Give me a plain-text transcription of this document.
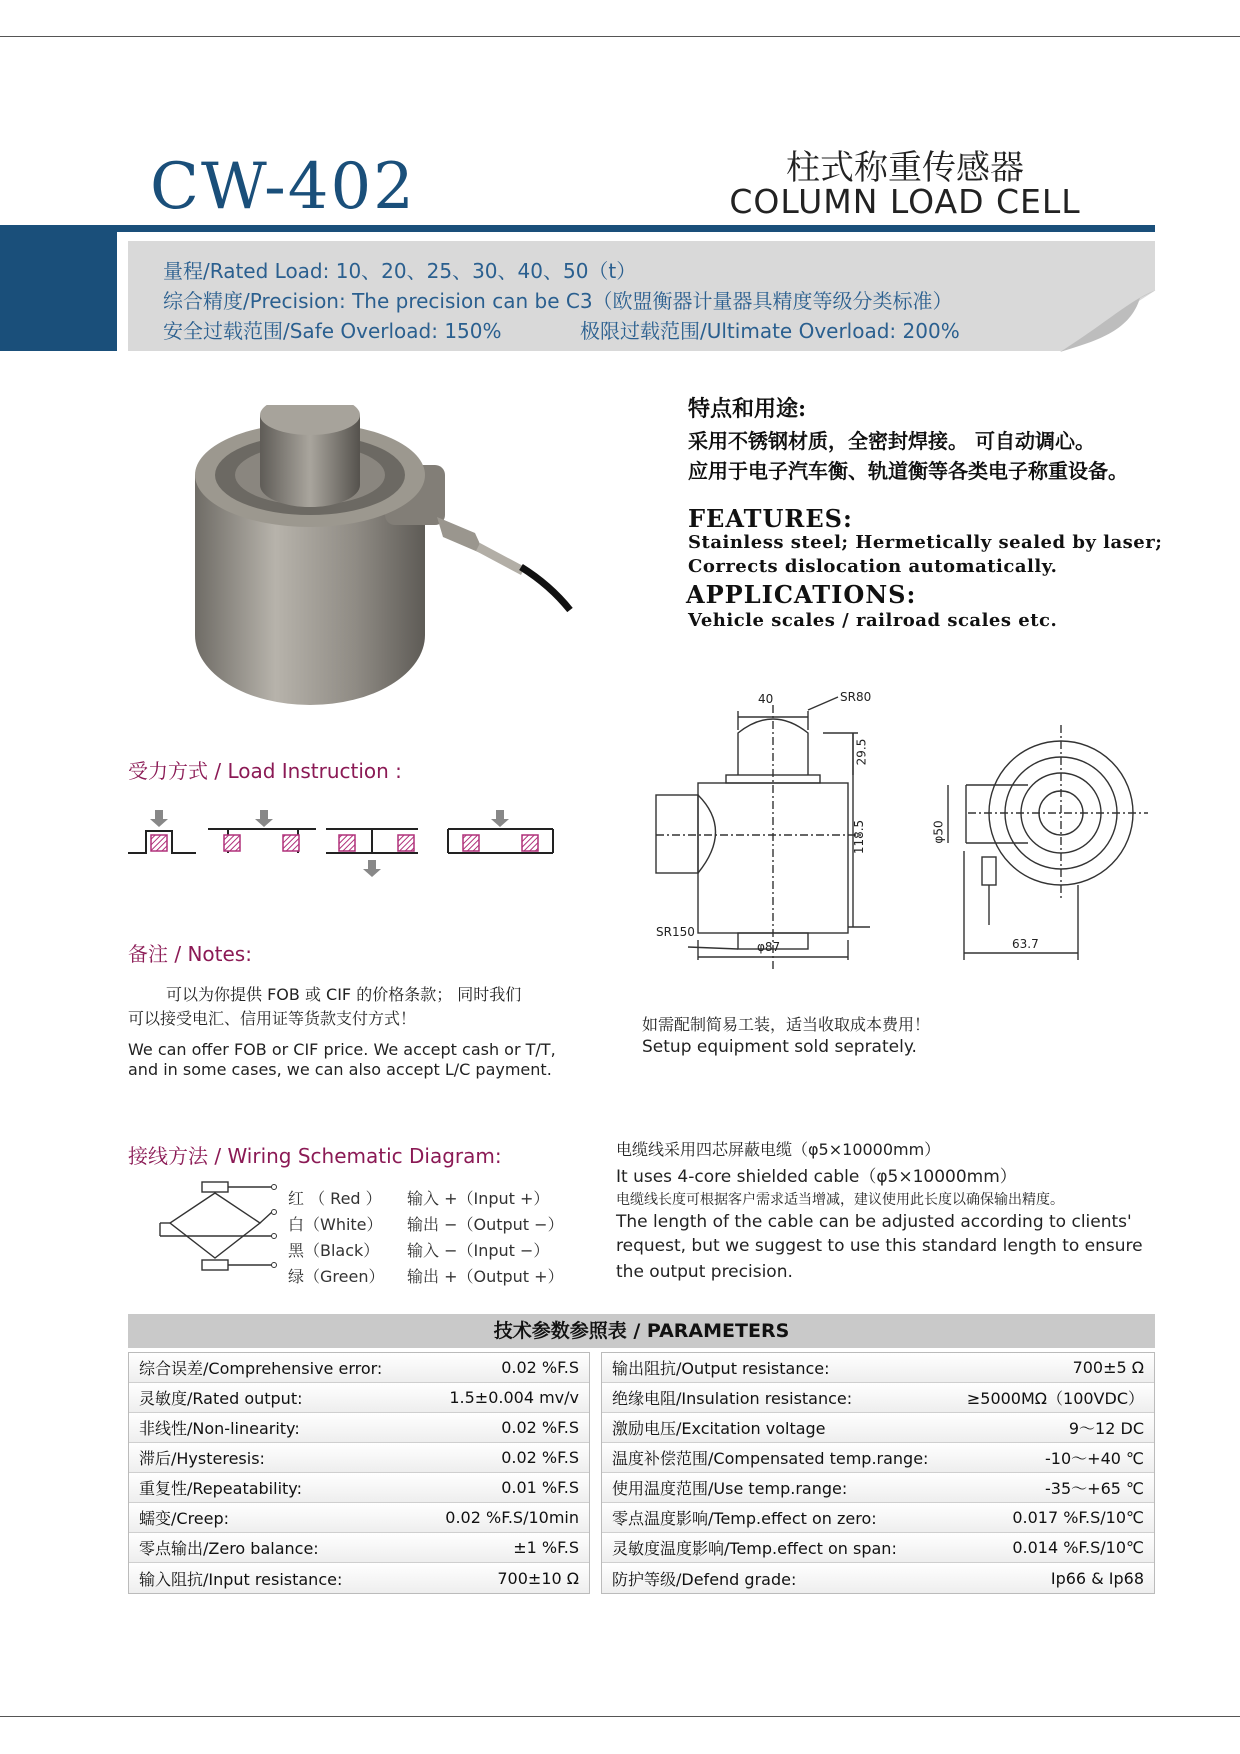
CW-402	柱式称重传感器
COLUMN LOAD CELL
量程/Rated Load: 10、20、25、30、40、50（t）
综合精度/Precision: The precision can be C3（欧盟衡器计量器具精度等级分类标准）
安全过载范围/Safe Overload: 150%	极限过载范围/Ultimate Overload: 200%
特点和用途:
采用不锈钢材质，全密封焊接。 可自动调心。
应用于电子汽车衡、轨道衡等各类电子称重设备。
FEATURES:
Stainless steel; Hermetically sealed by laser;
Corrects dislocation automatically.
APPLICATIONS:
Vehicle scales / railroad scales etc.
40	SR80
29.5
118.5
SR150
φ87
φ50
63.7
受力方式 / Load Instruction :
备注 / Notes:
可以为你提供 FOB 或 CIF 的价格条款； 同时我们
可以接受电汇、信用证等货款支付方式！
We can offer FOB or CIF price. We accept cash or T/T,
and in some cases, we can also accept L/C payment.
如需配制简易工装，适当收取成本费用！
Setup equipment sold seprately.
接线方法 / Wiring Schematic Diagram:
红 （ Red ）	输入 +（Input +）
白（White）	输出 −（Output −）
黑（Black）	输入 −（Input −）
绿（Green）	输出 +（Output +）
电缆线采用四芯屏蔽电缆（φ5×10000mm）
It uses 4-core shielded cable（φ5×10000mm）
电缆线长度可根据客户需求适当增减，建议使用此长度以确保输出精度。
The length of the cable can be adjusted according to clients'
request, but we suggest to use this standard length to ensure
the output precision.
技术参数参照表 / PARAMETERS
综合误差/Comprehensive error:	0.02 %F.S
灵敏度/Rated output:	1.5±0.004 mv/v
非线性/Non-linearity:	0.02 %F.S
滞后/Hysteresis:	0.02 %F.S
重复性/Repeatability:	0.01 %F.S
蠕变/Creep:	0.02 %F.S/10min
零点输出/Zero balance:	±1 %F.S
输入阻抗/Input resistance:	700±10 Ω
输出阻抗/Output resistance:	700±5 Ω
绝缘电阻/Insulation resistance:	≥5000MΩ（100VDC）
激励电压/Excitation voltage	9～12 DC
温度补偿范围/Compensated temp.range:	-10～+40 ℃
使用温度范围/Use temp.range:	-35～+65 ℃
零点温度影响/Temp.effect on zero:	0.017 %F.S/10℃
灵敏度温度影响/Temp.effect on span:	0.014 %F.S/10℃
防护等级/Defend grade:	Ip66 & Ip68
